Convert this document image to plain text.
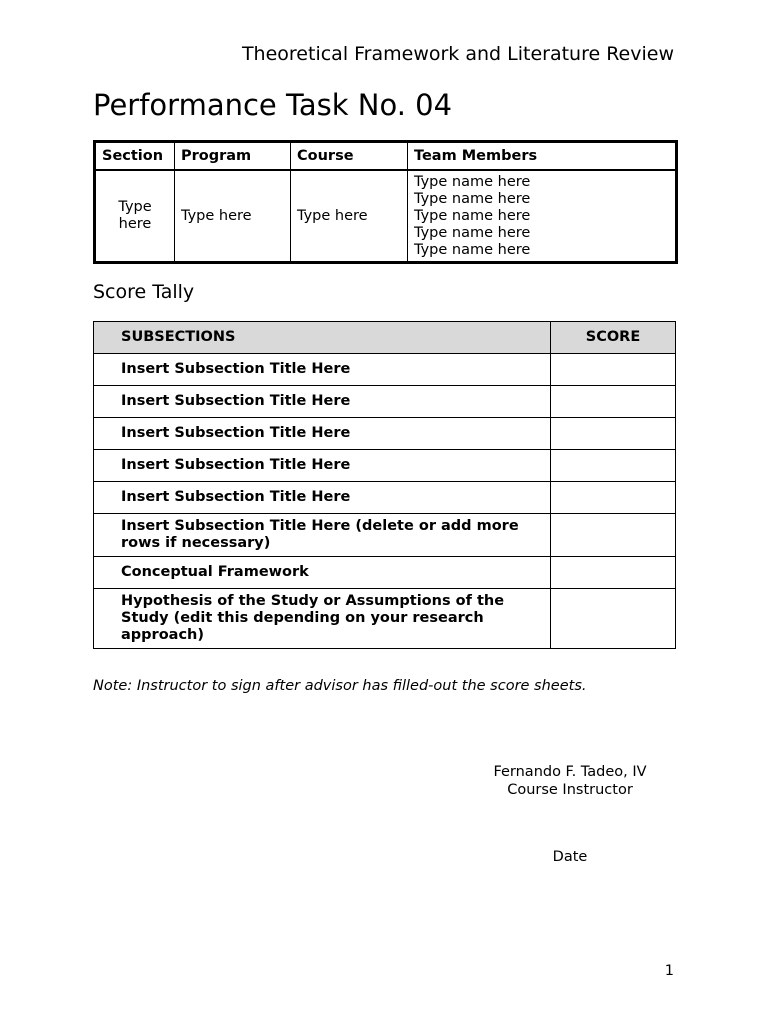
Theoretical Framework and Literature Review
Performance Task No. 04
Section	Program	Course	Team Members
Type here	Type here	Type here	Type name here
Type name here
Type name here
Type name here
Type name here
Score Tally
SUBSECTIONS	SCORE
Insert Subsection Title Here	
Insert Subsection Title Here	
Insert Subsection Title Here	
Insert Subsection Title Here	
Insert Subsection Title Here	
Insert Subsection Title Here (delete or add more rows if necessary)	
Conceptual Framework	
Hypothesis of the Study or Assumptions of the Study (edit this depending on your research approach)	
Note: Instructor to sign after advisor has filled-out the score sheets.
Fernando F. Tadeo, IV
Course Instructor
Date
1
